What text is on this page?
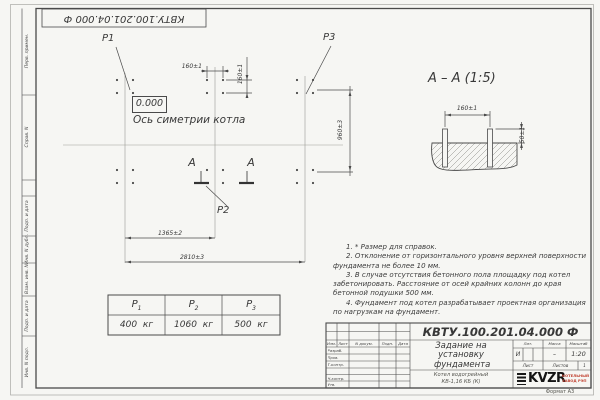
Перв. примен.
Справ. N
Подп. и дата
Инв. N дубл.
Взам. инв. N
Подп. и дата
Инв. N подл.
КВТУ.100.201.04.000 Ф
P1	P3
P2
0.000
Ось симетрии котла
160±1	160±1
960±3
1365±2
2810±3
А	А
А – А (1:5)
160±1
50±1
$Р_1$	$Р_2$	$Р_3$
400 кг	1060 кг	500 кг

1. * Размер для справок.

2. Отклонение от горизонтального уровня верхней поверхности фундамента не более 10 мм.

3. В случае отсутствия бетонного пола площадку под котел забетонировать. Расстояние от осей крайних колонн до края бетонной подушки 500 мм.

4. Фундамент под котел разрабатывает проектная организация по нагрузкам на фундамент.

КВТУ.100.201.04.000 Ф
Изм. Лист	N докум.	Подп.	Дата
Разраб.
Пров.
Т.контр.
Н.контр.
Утв.
Задание на установку фундамента
Котел водогрейный КВ-1,16 КБ (К)
Лит.	Масса	Масштаб
И	–	1:20
Лист	Листов	1
KVZR
КОТЕЛЬНЫЙ
ЗАВОД РЭП
Формат А3
